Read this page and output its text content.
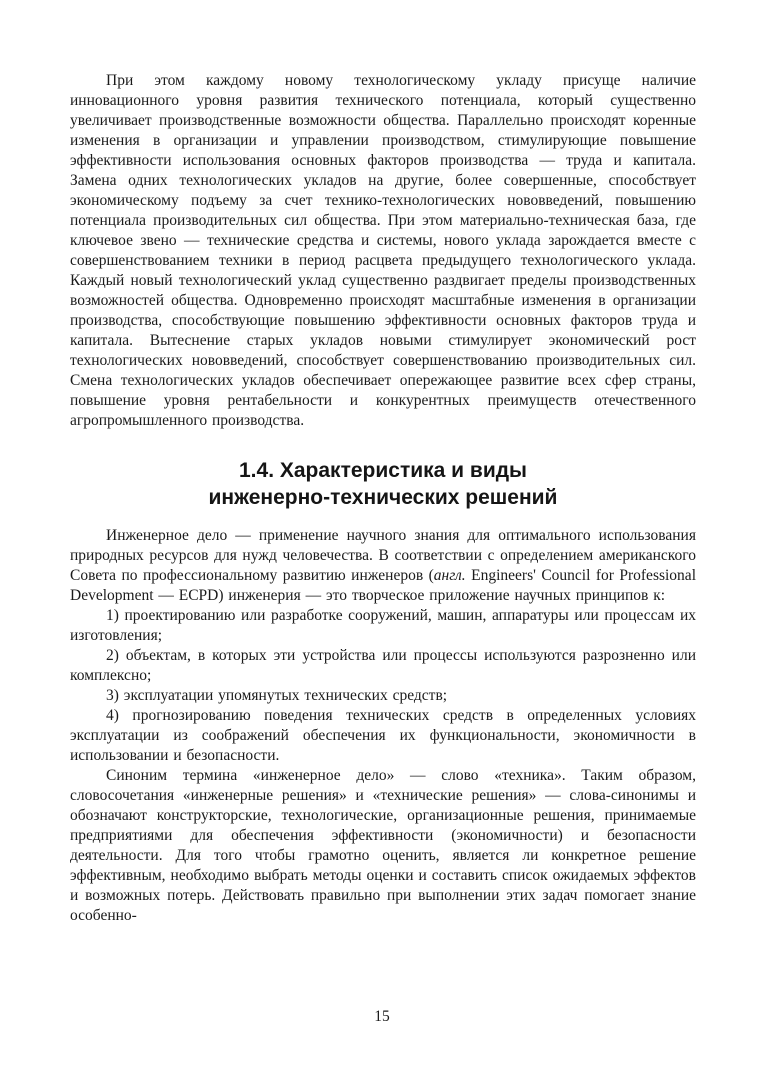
При этом каждому новому технологическому укладу присуще наличие инновационного уровня развития технического потенциала, который существенно увеличивает производственные возможности общества. Параллельно происходят коренные изменения в организации и управлении производством, стимулирующие повышение эффективности использования основных факторов производства — труда и капитала. Замена одних технологических укладов на другие, более совершенные, способствует экономическому подъему за счет технико-технологических нововведений, повышению потенциала производительных сил общества. При этом материально-техническая база, где ключевое звено — технические средства и системы, нового уклада зарождается вместе с совершенствованием техники в период расцвета предыдущего технологического уклада. Каждый новый технологический уклад существенно раздвигает пределы производственных возможностей общества. Одновременно происходят масштабные изменения в организации производства, способствующие повышению эффективности основных факторов труда и капитала. Вытеснение старых укладов новыми стимулирует экономический рост технологических нововведений, способствует совершенствованию производительных сил. Смена технологических укладов обеспечивает опережающее развитие всех сфер страны, повышение уровня рентабельности и конкурентных преимуществ отечественного агропромышленного производства.

1.4. Характеристика и виды
инженерно-технических решений

Инженерное дело — применение научного знания для оптимального использования природных ресурсов для нужд человечества. В соответствии с определением американского Совета по профессиональному развитию инженеров (англ. Engineers' Council for Professional Development — ECPD) инженерия — это творческое приложение научных принципов к:

1) проектированию или разработке сооружений, машин, аппаратуры или процессам их изготовления;

2) объектам, в которых эти устройства или процессы используются разрозненно или комплексно;

3) эксплуатации упомянутых технических средств;

4) прогнозированию поведения технических средств в определенных условиях эксплуатации из соображений обеспечения их функциональности, экономичности в использовании и безопасности.

Синоним термина «инженерное дело» — слово «техника». Таким образом, словосочетания «инженерные решения» и «технические решения» — слова-синонимы и обозначают конструкторские, технологические, организационные решения, принимаемые предприятиями для обеспечения эффективности (экономичности) и безопасности деятельности. Для того чтобы грамотно оценить, является ли конкретное решение эффективным, необходимо выбрать методы оценки и составить список ожидаемых эффектов и возможных потерь. Действовать правильно при выполнении этих задач помогает знание особенно-

15
